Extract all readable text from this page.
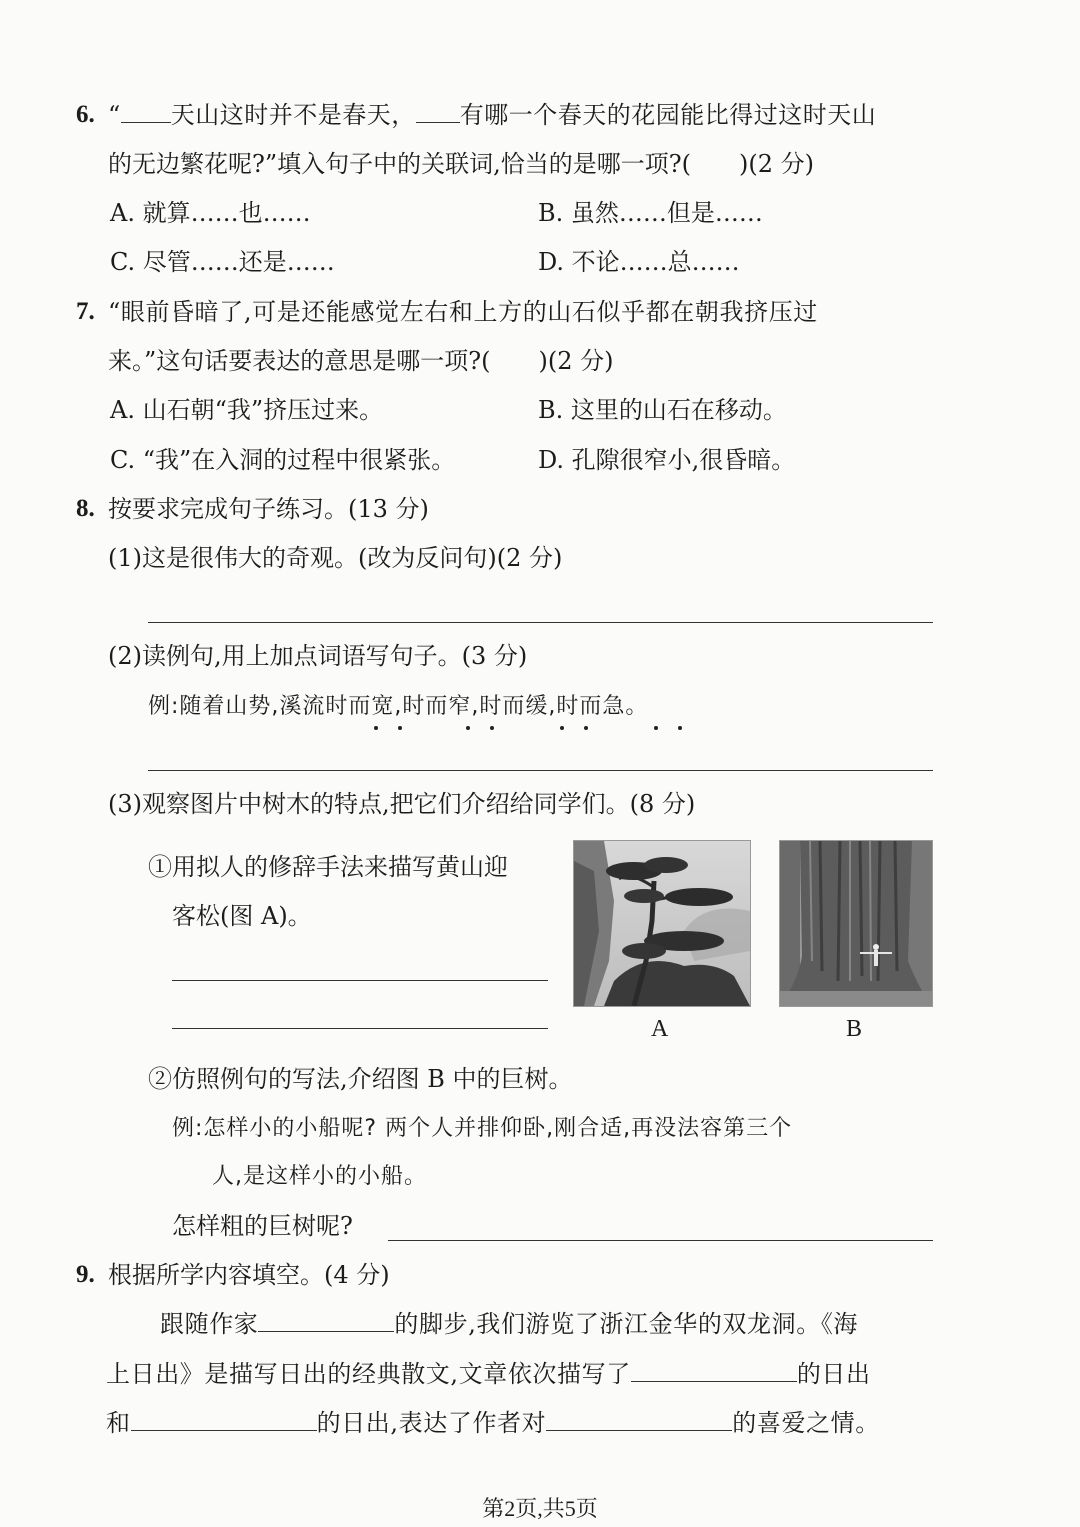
6. “ 天山这时并不是春天， 有哪一个春天的花园能比得过这时天山
的无边繁花呢?”填入句子中的关联词,恰当的是哪一项?(　　)(2 分)
A. 就算……也……	B. 虽然……但是……
C. 尽管……还是……	D. 不论……总……
7. “眼前昏暗了,可是还能感觉左右和上方的山石似乎都在朝我挤压过
来。”这句话要表达的意思是哪一项?(　　)(2 分)
A. 山石朝“我”挤压过来。	B. 这里的山石在移动。
C. “我”在入洞的过程中很紧张。	D. 孔隙很窄小,很昏暗。
8. 按要求完成句子练习。(13 分)
(1)这是很伟大的奇观。(改为反问句)(2 分)
(2)读例句,用上加点词语写句子。(3 分)
例:随着山势,溪流时而宽,时而窄,时而缓,时而急。
(3)观察图片中树木的特点,把它们介绍给同学们。(8 分)
①用拟人的修辞手法来描写黄山迎
客松(图 A)。
A	B
②仿照例句的写法,介绍图 B 中的巨树。
例:怎样小的小船呢? 两个人并排仰卧,刚合适,再没法容第三个
人,是这样小的小船。
怎样粗的巨树呢?
9. 根据所学内容填空。(4 分)
跟随作家	的脚步,我们游览了浙江金华的双龙洞。《海
上日出》是描写日出的经典散文,文章依次描写了	的日出
和	的日出,表达了作者对	的喜爱之情。
第2页,共5页
